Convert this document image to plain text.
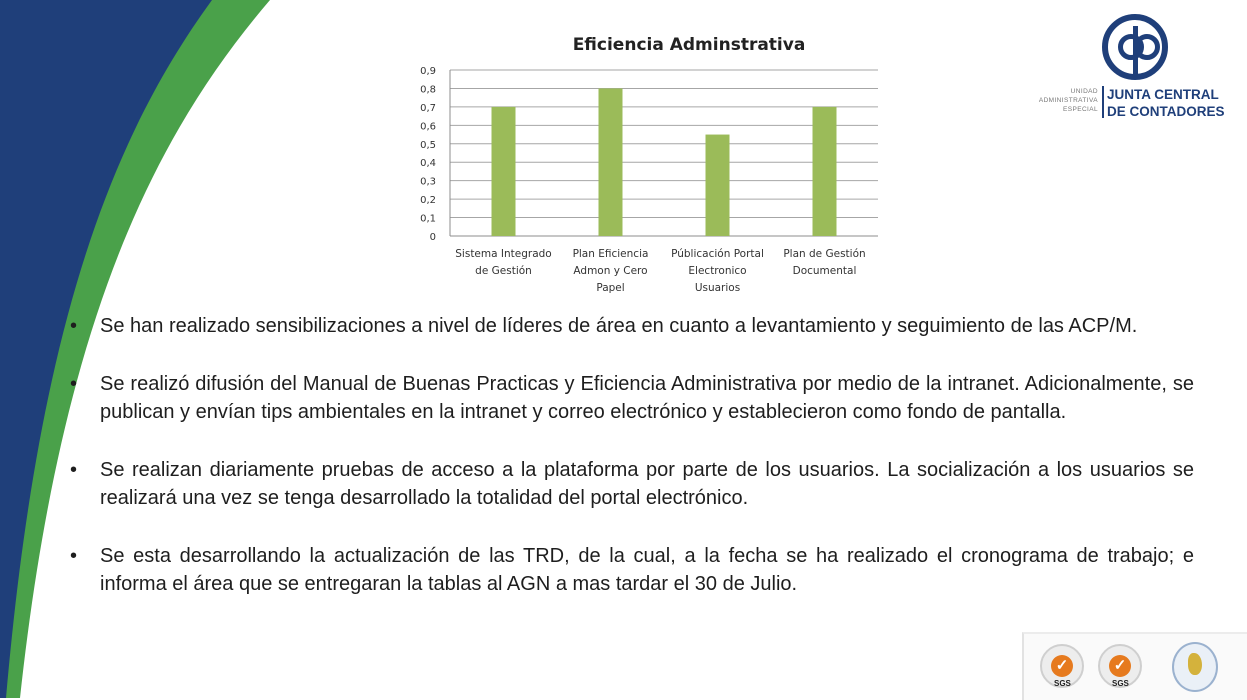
Eficiencia Adminstrativa
0
0,1
0,2
0,3
0,4
0,5
0,6
0,7
0,8
0,9
Sistema Integrado de Gestión
Plan Eficiencia Admon y Cero Papel
Públicación Portal Electronico Usuarios
Plan de Gestión Documental
UNIDAD
ADMINISTRATIVA
ESPECIAL
JUNTA CENTRAL
DE CONTADORES
• Se han realizado sensibilizaciones a nivel de líderes de área en cuanto a levantamiento y seguimiento de las ACP/M.
• Se realizó difusión del Manual de Buenas Practicas y Eficiencia Administrativa por medio de la intranet. Adicionalmente, se publican y envían tips ambientales en la intranet y correo electrónico y establecieron como fondo de pantalla.
• Se realizan diariamente pruebas de acceso a la plataforma por parte de los usuarios. La socialización a los usuarios se realizará una vez se tenga desarrollado la totalidad del portal electrónico.
• Se esta desarrollando la actualización de las TRD, de la cual, a la fecha se ha realizado el cronograma de trabajo; e informa el área que se entregaran la tablas al AGN a mas tardar el 30 de Julio.
✓
SGS
✓
SGS
